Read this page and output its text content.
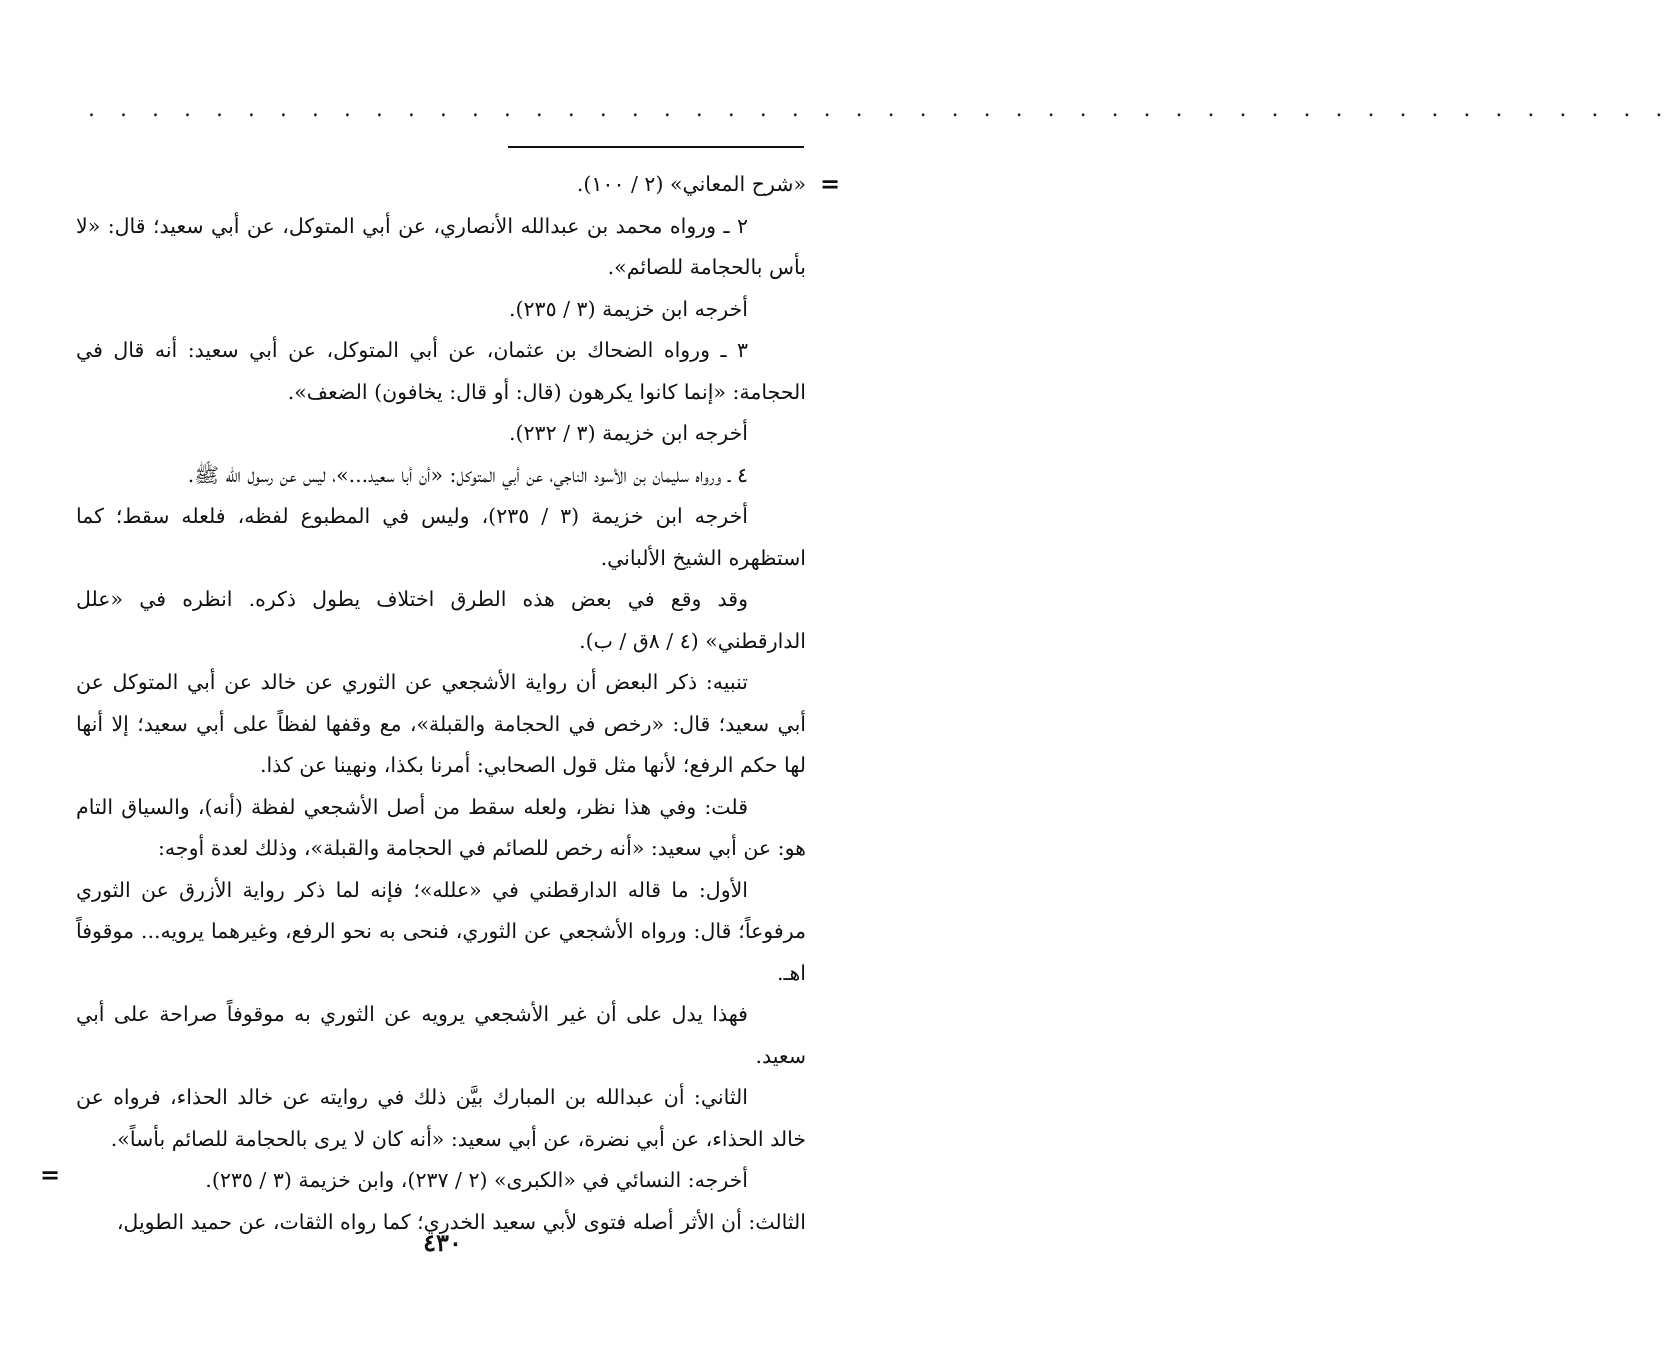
. . . . . . . . . . . . . . . . . . . . . . . . . . . . . . . . . . . . . . . . . . . . . . . . . .
=

«شرح المعاني» (٢ / ١٠٠).

٢ ـ ورواه محمد بن عبدالله الأنصاري، عن أبي المتوكل، عن أبي سعيد؛ قال: «لا بأس بالحجامة للصائم».

أخرجه ابن خزيمة (٣ / ٢٣٥).

٣ ـ ورواه الضحاك بن عثمان، عن أبي المتوكل، عن أبي سعيد: أنه قال في الحجامة: «إنما كانوا يكرهون (قال: أو قال: يخافون) الضعف».

أخرجه ابن خزيمة (٣ / ٢٣٢).

٤ ـ ورواه سليمان بن الأسود الناجي، عن أبي المتوكل: «أن أبا سعيد...»، ليس عن رسول الله ﷺ.

أخرجه ابن خزيمة (٣ / ٢٣٥)، وليس في المطبوع لفظه، فلعله سقط؛ كما استظهره الشيخ الألباني.

وقد وقع في بعض هذه الطرق اختلاف يطول ذكره. انظره في «علل الدارقطني» (٤ / ٨ق / ب).

تنبيه: ذكر البعض أن رواية الأشجعي عن الثوري عن خالد عن أبي المتوكل عن أبي سعيد؛ قال: «رخص في الحجامة والقبلة»، مع وقفها لفظاً على أبي سعيد؛ إلا أنها لها حكم الرفع؛ لأنها مثل قول الصحابي: أمرنا بكذا، ونهينا عن كذا.

قلت: وفي هذا نظر، ولعله سقط من أصل الأشجعي لفظة (أنه)، والسياق التام هو: عن أبي سعيد: «أنه رخص للصائم في الحجامة والقبلة»، وذلك لعدة أوجه:

الأول: ما قاله الدارقطني في «علله»؛ فإنه لما ذكر رواية الأزرق عن الثوري مرفوعاً؛ قال: ورواه الأشجعي عن الثوري، فنحى به نحو الرفع، وغيرهما يرويه... موقوفاً اهـ.

فهذا يدل على أن غير الأشجعي يرويه عن الثوري به موقوفاً صراحة على أبي سعيد.

الثاني: أن عبدالله بن المبارك بيَّن ذلك في روايته عن خالد الحذاء، فرواه عن خالد الحذاء، عن أبي نضرة، عن أبي سعيد: «أنه كان لا يرى بالحجامة للصائم بأساً».

أخرجه: النسائي في «الكبرى» (٢ / ٢٣٧)، وابن خزيمة (٣ / ٢٣٥).

الثالث: أن الأثر أصله فتوى لأبي سعيد الخدري؛ كما رواه الثقات، عن حميد الطويل،

=
٤٣٠
